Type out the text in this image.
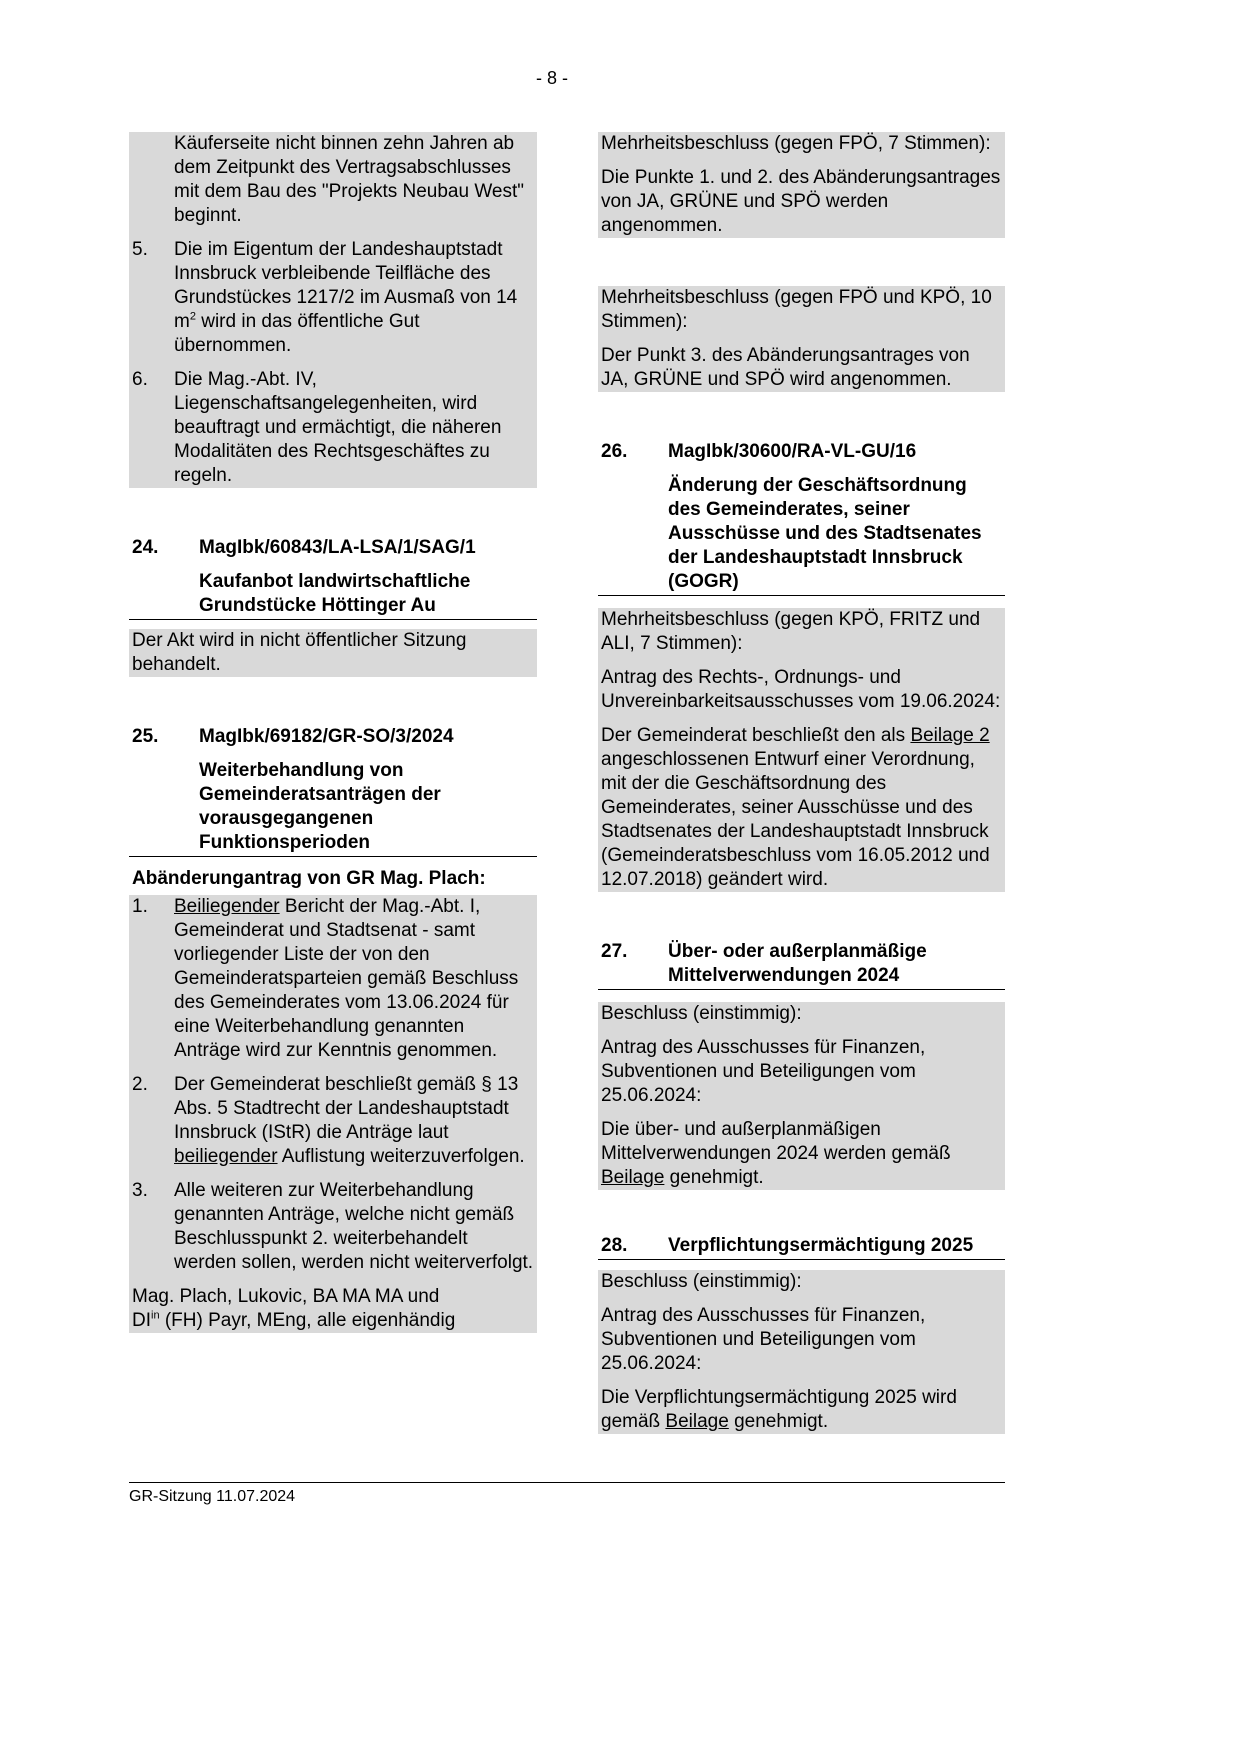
- 8 -

Käuferseite nicht binnen zehn Jahren ab dem Zeitpunkt des Vertragsabschlusses mit dem Bau des "Projekts Neubau West" beginnt.

5.	Die im Eigentum der Landeshauptstadt Innsbruck verbleibende Teilfläche des Grundstückes 1217/2 im Ausmaß von 14 $m^2$ wird in das öffentliche Gut übernommen.
6.	Die Mag.-Abt. IV, Liegenschaftsangelegenheiten, wird beauftragt und ermächtigt, die näheren Modalitäten des Rechtsgeschäftes zu regeln.
24.	MagIbk/60843/LA-LSA/1/SAG/1
Kaufanbot landwirtschaftliche Grundstücke Höttinger Au

Der Akt wird in nicht öffentlicher Sitzung behandelt.

25.	MagIbk/69182/GR-SO/3/2024
Weiterbehandlung von Gemeinderatsanträgen der vorausgegangenen Funktionsperioden
Abänderungantrag von GR Mag. Plach:
1.	Beiliegender Bericht der Mag.-Abt. I, Gemeinderat und Stadtsenat - samt vorliegender Liste der von den Gemeinderatsparteien gemäß Beschluss des Gemeinderates vom 13.06.2024 für eine Weiterbehandlung genannten Anträge wird zur Kenntnis genommen.
2.	Der Gemeinderat beschließt gemäß § 13 Abs. 5 Stadtrecht der Landeshauptstadt Innsbruck (IStR) die Anträge laut beiliegender Auflistung weiterzuverfolgen.
3.	Alle weiteren zur Weiterbehandlung genannten Anträge, welche nicht gemäß Beschlusspunkt 2. weiterbehandelt werden sollen, werden nicht weiterverfolgt.

Mag. Plach, Lukovic, BA MA MA und
$DI^{in}$ (FH) Payr, MEng, alle eigenhändig

Mehrheitsbeschluss (gegen FPÖ, 7 Stimmen):

Die Punkte 1. und 2. des Abänderungsantrages von JA, GRÜNE und SPÖ werden angenommen.

Mehrheitsbeschluss (gegen FPÖ und KPÖ, 10 Stimmen):

Der Punkt 3. des Abänderungsantrages von JA, GRÜNE und SPÖ wird angenommen.

26.	MagIbk/30600/RA-VL-GU/16
Änderung der Geschäftsordnung des Gemeinderates, seiner Ausschüsse und des Stadtsenates der Landeshauptstadt Innsbruck (GOGR)

Mehrheitsbeschluss (gegen KPÖ, FRITZ und ALI, 7 Stimmen):

Antrag des Rechts-, Ordnungs- und Unvereinbarkeitsausschusses vom 19.06.2024:

Der Gemeinderat beschließt den als Beilage 2 angeschlossenen Entwurf einer Verordnung, mit der die Geschäftsordnung des Gemeinderates, seiner Ausschüsse und des Stadtsenates der Landeshauptstadt Innsbruck (Gemeinderatsbeschluss vom 16.05.2012 und 12.07.2018) geändert wird.

27.	Über- oder außerplanmäßige Mittelverwendungen 2024

Beschluss (einstimmig):

Antrag des Ausschusses für Finanzen, Subventionen und Beteiligungen vom 25.06.2024:

Die über- und außerplanmäßigen Mittelverwendungen 2024 werden gemäß Beilage genehmigt.

28.	Verpflichtungsermächtigung 2025

Beschluss (einstimmig):

Antrag des Ausschusses für Finanzen, Subventionen und Beteiligungen vom 25.06.2024:

Die Verpflichtungsermächtigung 2025 wird gemäß Beilage genehmigt.

GR-Sitzung 11.07.2024
